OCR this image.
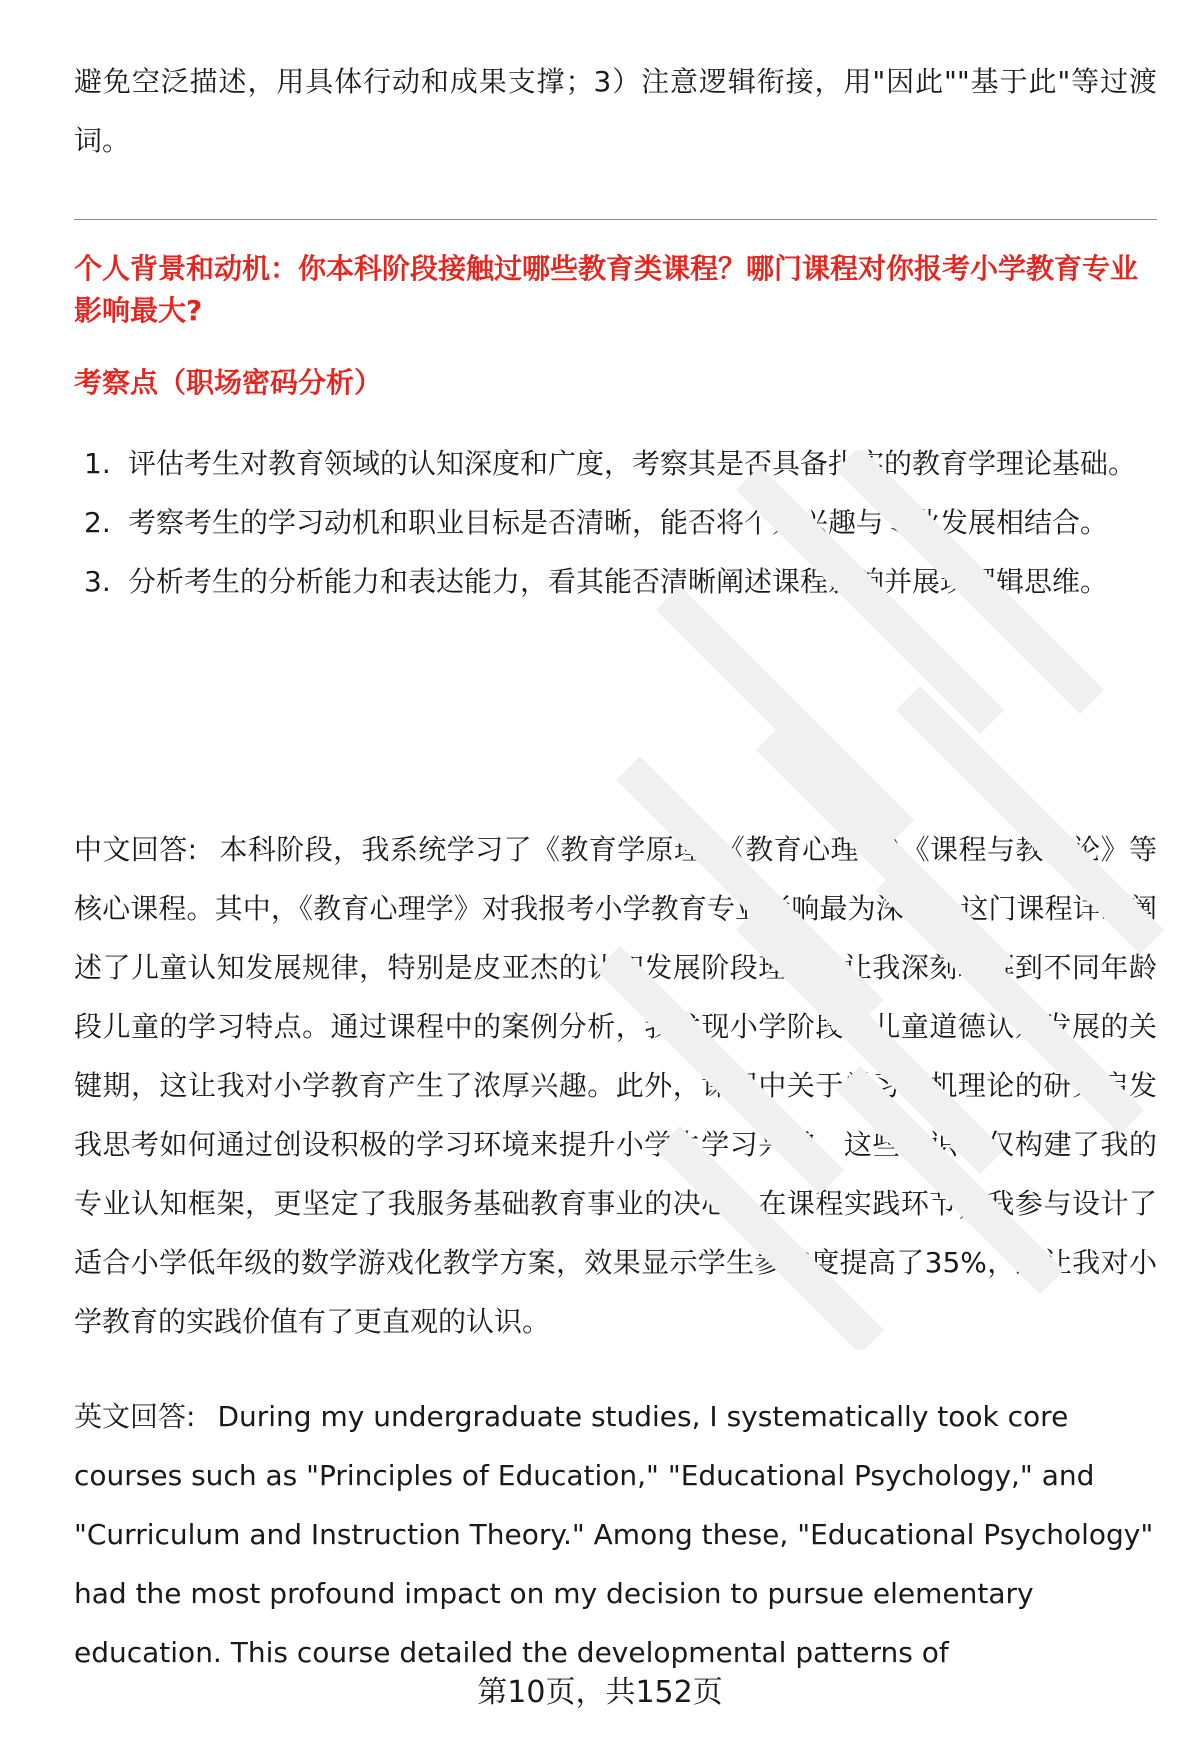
避免空泛描述，用具体行动和成果支撑；3）注意逻辑衔接，用"因此""基于此"等过渡词。

个人背景和动机：你本科阶段接触过哪些教育类课程？哪门课程对你报考小学教育专业影响最大?

考察点（职场密码分析）

1. 评估考生对教育领域的认知深度和广度，考察其是否具备扎实的教育学理论基础。
2. 考察考生的学习动机和职业目标是否清晰，能否将个人兴趣与专业发展相结合。
3. 分析考生的分析能力和表达能力，看其能否清晰阐述课程影响并展现逻辑思维。

中文回答: 本科阶段，我系统学习了《教育学原理》《教育心理学》《课程与教学论》等核心课程。其中，《教育心理学》对我报考小学教育专业影响最为深远。这门课程详细阐述了儿童认知发展规律，特别是皮亚杰的认知发展阶段理论，让我深刻理解到不同年龄段儿童的学习特点。通过课程中的案例分析，我发现小学阶段是儿童道德认知发展的关键期，这让我对小学教育产生了浓厚兴趣。此外，课程中关于学习动机理论的研究启发我思考如何通过创设积极的学习环境来提升小学生学习兴趣。这些知识不仅构建了我的专业认知框架，更坚定了我服务基础教育事业的决心。在课程实践环节，我参与设计了适合小学低年级的数学游戏化教学方案，效果显示学生参与度提高了35%，这让我对小学教育的实践价值有了更直观的认识。

英文回答: During my undergraduate studies, I systematically took core courses such as "Principles of Education," "Educational Psychology," and "Curriculum and Instruction Theory." Among these, "Educational Psychology" had the most profound impact on my decision to pursue elementary education. This course detailed the developmental patterns of

第10页，共152页
